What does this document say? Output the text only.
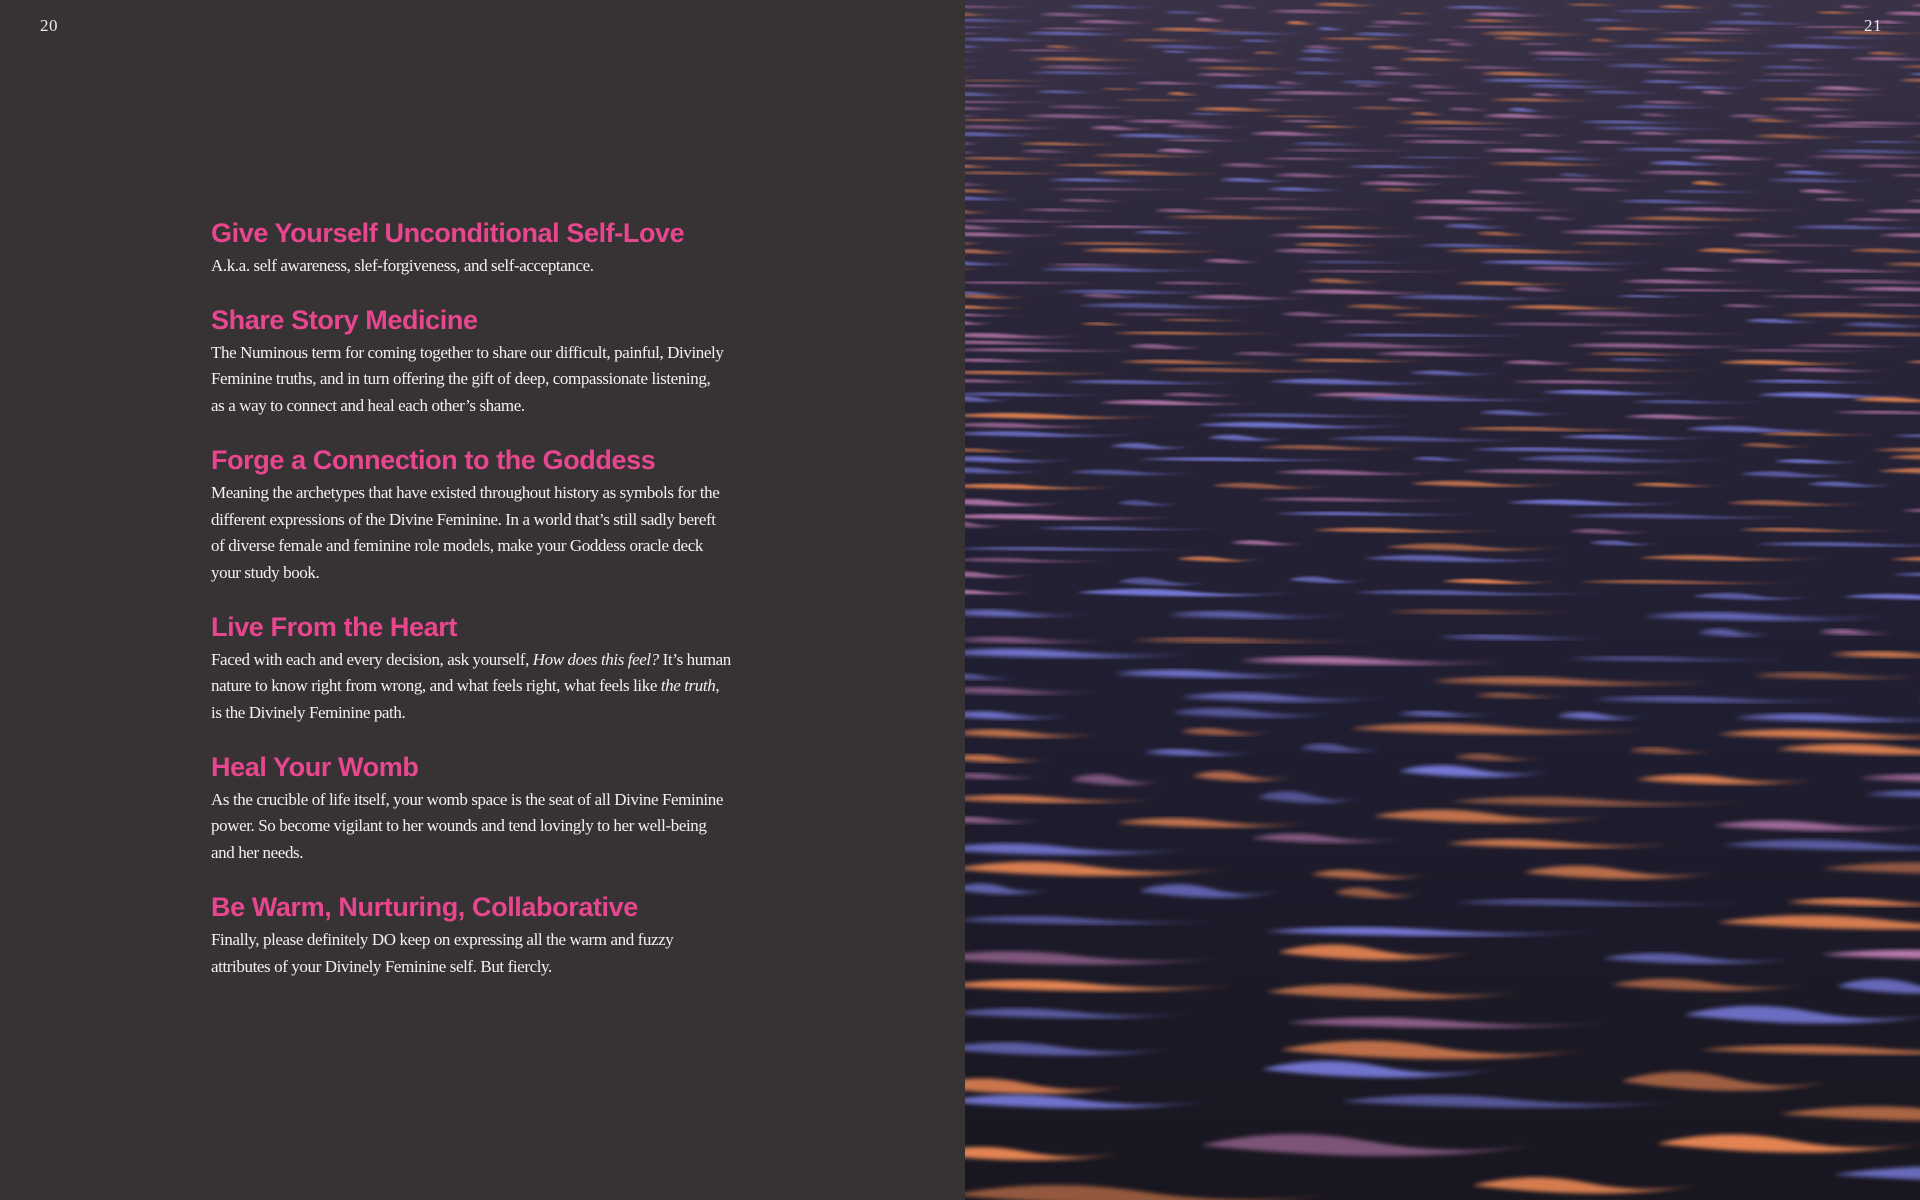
20
Give Yourself Unconditional Self-Love

A.k.a. self awareness, slef-forgiveness, and self-acceptance.

Share Story Medicine

The Numinous term for coming together to share our difficult, painful, Divinely
Feminine truths, and in turn offering the gift of deep, compassionate listening,
as a way to connect and heal each other’s shame.

Forge a Connection to the Goddess

Meaning the archetypes that have existed throughout history as symbols for the
different expressions of the Divine Feminine. In a world that’s still sadly bereft
of diverse female and feminine role models, make your Goddess oracle deck
your study book.

Live From the Heart

Faced with each and every decision, ask yourself, How does this feel? It’s human
nature to know right from wrong, and what feels right, what feels like the truth,
is the Divinely Feminine path.

Heal Your Womb

As the crucible of life itself, your womb space is the seat of all Divine Feminine
power. So become vigilant to her wounds and tend lovingly to her well-being
and her needs.

Be Warm, Nurturing, Collaborative

Finally, please definitely DO keep on expressing all the warm and fuzzy
attributes of your Divinely Feminine self. But fiercly.

21
